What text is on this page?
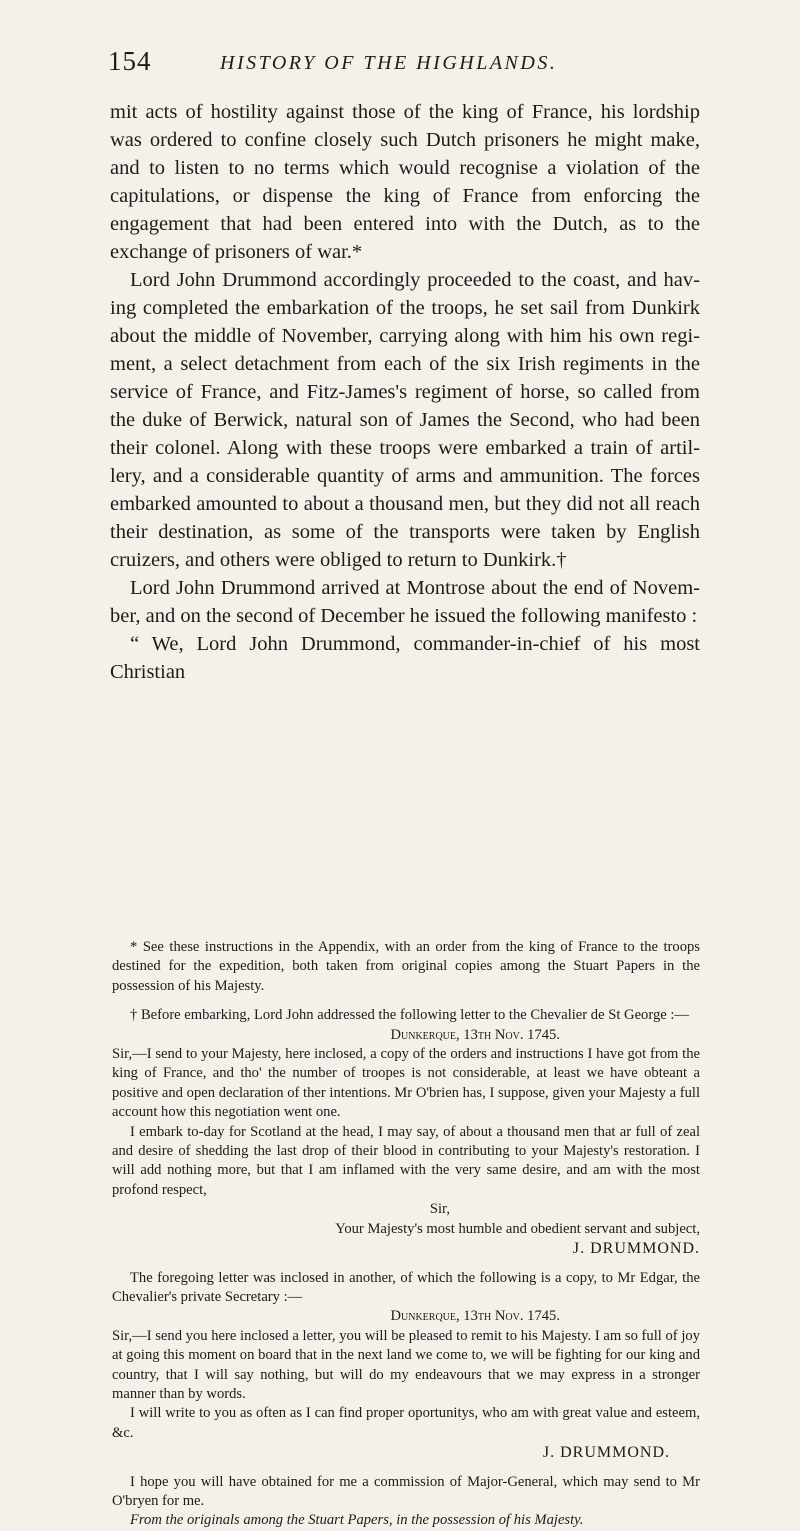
154	HISTORY OF THE HIGHLANDS.

mit acts of hostility against those of the king of France, his lordship was ordered to confine closely such Dutch prisoners he might make, and to listen to no terms which would recognise a violation of the capitulations, or dispense the king of France from enforcing the engagement that had been entered into with the Dutch, as to the exchange of prisoners of war.*

Lord John Drummond accordingly proceeded to the coast, and hav-ing completed the embarkation of the troops, he set sail from Dunkirk about the middle of November, carrying along with him his own regi-ment, a select detachment from each of the six Irish regiments in the service of France, and Fitz-James's regiment of horse, so called from the duke of Berwick, natural son of James the Second, who had been their colonel. Along with these troops were embarked a train of artil-lery, and a considerable quantity of arms and ammunition. The forces embarked amounted to about a thousand men, but they did not all reach their destination, as some of the transports were taken by English cruizers, and others were obliged to return to Dunkirk.†

Lord John Drummond arrived at Montrose about the end of Novem-ber, and on the second of December he issued the following manifesto :

“ We, Lord John Drummond, commander-in-chief of his most Christian

* See these instructions in the Appendix, with an order from the king of France to the troops destined for the expedition, both taken from original copies among the Stuart Papers in the possession of his Majesty.

† Before embarking, Lord John addressed the following letter to the Chevalier de St George :—

Dunkerque, 13th Nov. 1745.

Sir,—I send to your Majesty, here inclosed, a copy of the orders and instructions I have got from the king of France, and tho' the number of troopes is not considerable, at least we have obteant a positive and open declaration of ther intentions. Mr O'brien has, I suppose, given your Majesty a full account how this negotiation went one.

I embark to-day for Scotland at the head, I may say, of about a thousand men that ar full of zeal and desire of shedding the last drop of their blood in contributing to your Majesty's restoration. I will add nothing more, but that I am inflamed with the very same desire, and am with the most profond respect,

Sir,

Your Majesty's most humble and obedient servant and subject,

J. DRUMMOND.

The foregoing letter was inclosed in another, of which the following is a copy, to Mr Edgar, the Chevalier's private Secretary :—

Dunkerque, 13th Nov. 1745.

Sir,—I send you here inclosed a letter, you will be pleased to remit to his Majesty. I am so full of joy at going this moment on board that in the next land we come to, we will be fighting for our king and country, that I will say nothing, but will do my endeavours that we may express in a stronger manner than by words.

I will write to you as often as I can find proper oportunitys, who am with great value and esteem, &c.

J. DRUMMOND.

I hope you will have obtained for me a commission of Major-General, which may send to Mr O'bryen for me.

From the originals among the Stuart Papers, in the possession of his Majesty.
